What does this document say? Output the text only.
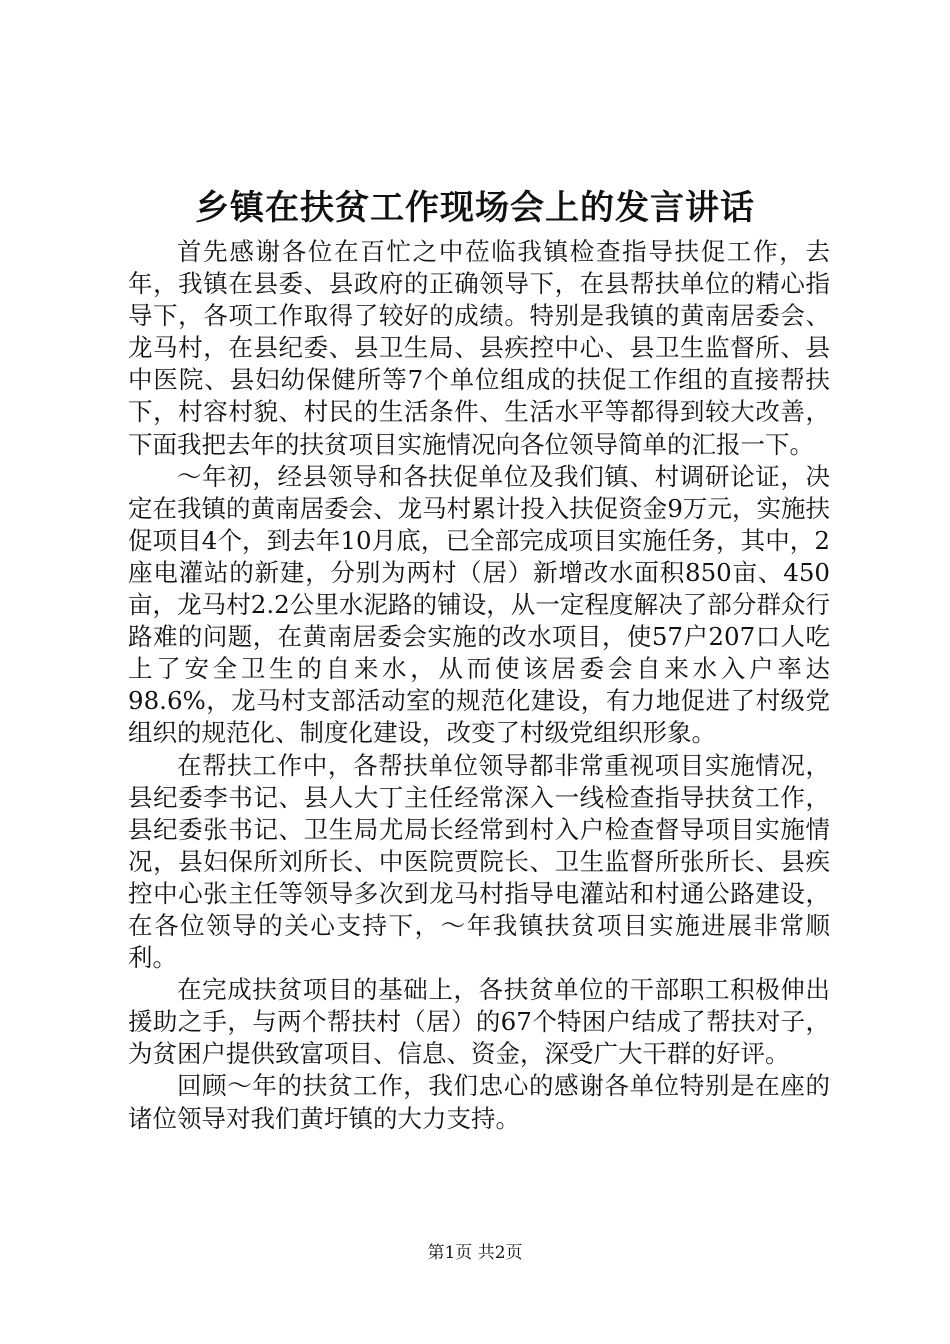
乡镇在扶贫工作现场会上的发言讲话

首先感谢各位在百忙之中莅临我镇检查指导扶促工作，去年，我镇在县委、县政府的正确领导下，在县帮扶单位的精心指导下，各项工作取得了较好的成绩。特别是我镇的黄南居委会、龙马村，在县纪委、县卫生局、县疾控中心、县卫生监督所、县中医院、县妇幼保健所等7个单位组成的扶促工作组的直接帮扶下，村容村貌、村民的生活条件、生活水平等都得到较大改善，下面我把去年的扶贫项目实施情况向各位领导简单的汇报一下。

～年初，经县领导和各扶促单位及我们镇、村调研论证，决定在我镇的黄南居委会、龙马村累计投入扶促资金9万元，实施扶促项目4个，到去年10月底，已全部完成项目实施任务，其中，2座电灌站的新建，分别为两村（居）新增改水面积850亩、450亩，龙马村2.2公里水泥路的铺设，从一定程度解决了部分群众行路难的问题，在黄南居委会实施的改水项目，使57户207口人吃上了安全卫生的自来水，从而使该居委会自来水入户率达98.6%，龙马村支部活动室的规范化建设，有力地促进了村级党组织的规范化、制度化建设，改变了村级党组织形象。

在帮扶工作中，各帮扶单位领导都非常重视项目实施情况，县纪委李书记、县人大丁主任经常深入一线检查指导扶贫工作，县纪委张书记、卫生局尤局长经常到村入户检查督导项目实施情况，县妇保所刘所长、中医院贾院长、卫生监督所张所长、县疾控中心张主任等领导多次到龙马村指导电灌站和村通公路建设，在各位领导的关心支持下，～年我镇扶贫项目实施进展非常顺利。

在完成扶贫项目的基础上，各扶贫单位的干部职工积极伸出援助之手，与两个帮扶村（居）的67个特困户结成了帮扶对子，为贫困户提供致富项目、信息、资金，深受广大干群的好评。

回顾～年的扶贫工作，我们忠心的感谢各单位特别是在座的诸位领导对我们黄圩镇的大力支持。

第1页 共2页
